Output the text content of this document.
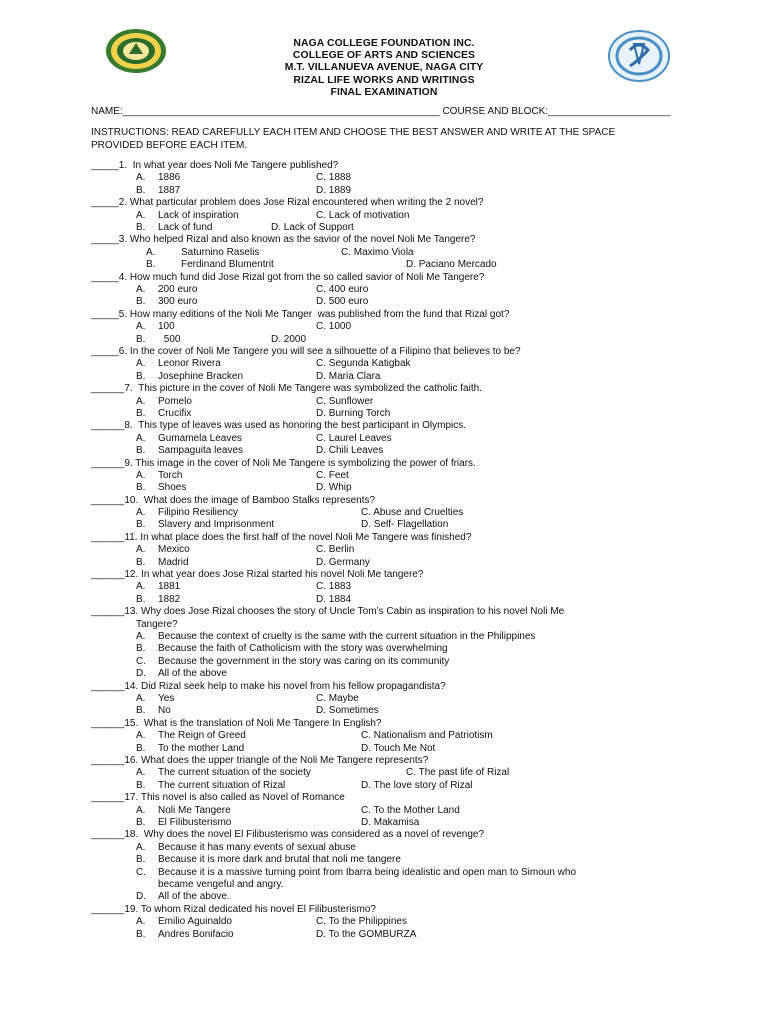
NAGA COLLEGE FOUNDATION INC.
COLLEGE OF ARTS AND SCIENCES
M.T. VILLANUEVA AVENUE, NAGA CITY
RIZAL LIFE WORKS AND WRITINGS
FINAL EXAMINATION
NAME:_________________________________________________________ COURSE AND BLOCK:______________________
INSTRUCTIONS: READ CAREFULLY EACH ITEM AND CHOOSE THE BEST ANSWER AND WRITE AT THE SPACE PROVIDED BEFORE EACH ITEM.
_____1.  In what year does Noli Me Tangere published?
A. 1886	C. 1888
B. 1887	D. 1889
_____2. What particular problem does Jose Rizal encountered when writing the 2 novel?
A. Lack of inspiration	C. Lack of motivation
B. Lack of fund	D. Lack of Support
_____3. Who helped Rizal and also known as the savior of the novel Noli Me Tangere?
A.	Saturnino Raselis	C. Maximo Viola
B.	Ferdinand Blumentrit	D. Paciano Mercado
_____4. How much fund did Jose Rizal got from the so called savior of Noli Me Tangere?
A. 200 euro	C. 400 euro
B. 300 euro	D. 500 euro
_____5. How many editions of the Noli Me Tanger  was published from the fund that Rizal got?
A. 100	C. 1000
B. 500	D. 2000
_____6. In the cover of Noli Me Tangere you will see a silhouette of a Filipino that believes to be?
A. Leonor Rivera	C. Segunda Katigbak
B. Josephine Bracken	D. Maria Clara
______7.  This picture in the cover of Noli Me Tangere was symbolized the catholic faith.
A. Pomelo	C. Sunflower
B. Crucifix	D. Burning Torch
______8.  This type of leaves was used as honoring the best participant in Olympics.
A. Gumamela Leaves	C. Laurel Leaves
B. Sampaguita leaves	D. Chili Leaves
______9. This image in the cover of Noli Me Tangere is symbolizing the power of friars.
A. Torch	C. Feet
B. Shoes	D. Whip
______10.  What does the image of Bamboo Stalks represents?
A. Filipino Resiliency	C. Abuse and Cruelties
B. Slavery and Imprisonment	D. Self- Flagellation
______11. In what place does the first half of the novel Noli Me Tangere was finished?
A. Mexico	C. Berlin
B. Madrid	D. Germany
______12. In what year does Jose Rizal started his novel Noli Me tangere?
A. 1881	C. 1883
B. 1882	D. 1884
______13. Why does Jose Rizal chooses the story of Uncle Tom’s Cabin as inspiration to his novel Noli Me
Tangere?
A. Because the context of cruelty is the same with the current situation in the Philippines
B. Because the faith of Catholicism with the story was overwhelming
C. Because the government in the story was caring on its community
D. All of the above
______14. Did Rizal seek help to make his novel from his fellow propagandista?
A. Yes	C. Maybe
B. No	D. Sometimes
______15.  What is the translation of Noli Me Tangere In English?
A. The Reign of Greed	C. Nationalism and Patriotism
B. To the mother Land	D. Touch Me Not
______16. What does the upper triangle of the Noli Me Tangere represents?
A. The current situation of the society	C. The past life of Rizal
B. The current situation of Rizal	D. The love story of Rizal
______17. This novel is also called as Novel of Romance
A. Noli Me Tangere	C. To the Mother Land
B. El Filibusterismo	D. Makamisa
______18.  Why does the novel El Filibusterismo was considered as a novel of revenge?
A. Because it has many events of sexual abuse
B. Because it is more dark and brutal that noli me tangere
C. Because it is a massive turning point from Ibarra being idealistic and open man to Simoun who
became vengeful and angry.
D. All of the above.
______19. To whom Rizal dedicated his novel El Filibusterismo?
A. Emilio Aguinaldo	C. To the Philippines
B. Andres Bonifacio	D. To the GOMBURZA
